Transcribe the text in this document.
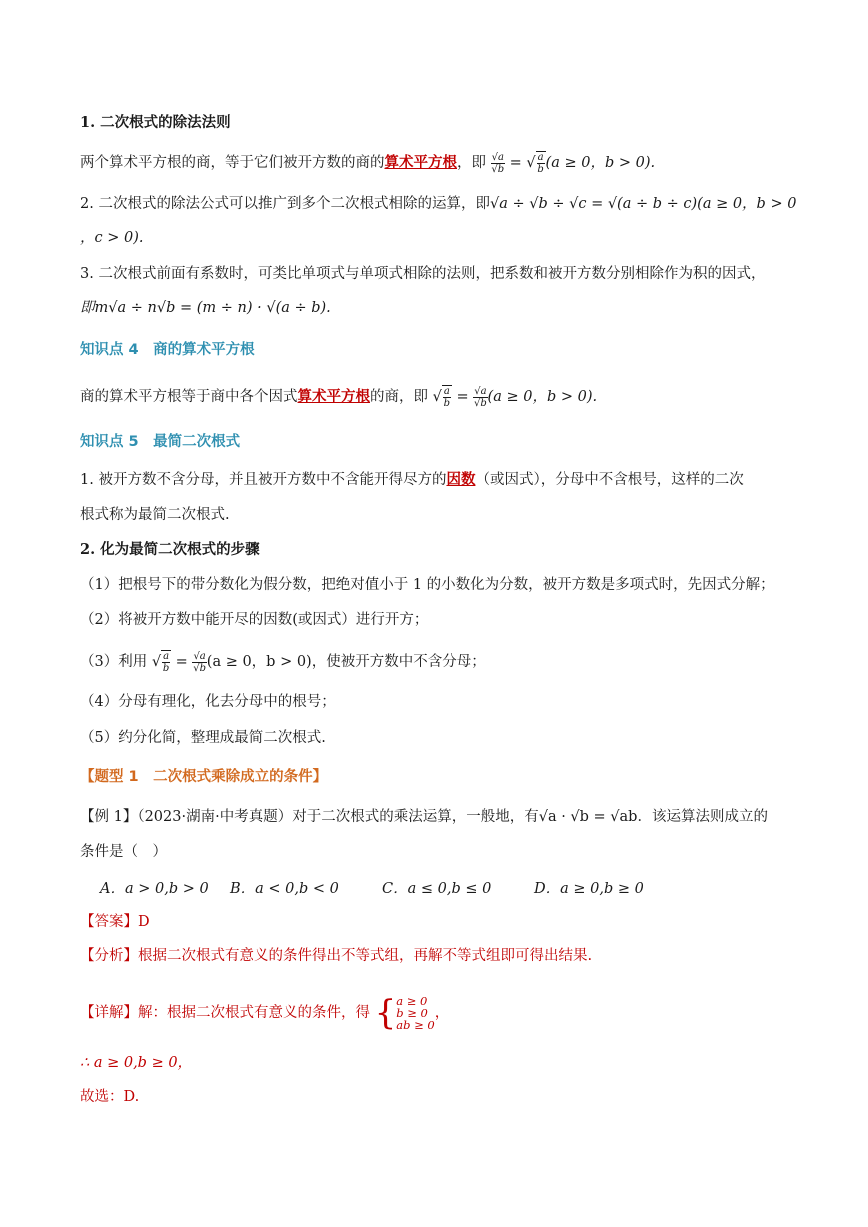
1. 二次根式的除法法则
两个算术平方根的商，等于它们被开方数的商的算术平方根，即 $\frac{√a}{√b}$ = √ $\frac{a}{b} (a \ge 0$，b > 0).
2. 二次根式的除法公式可以推广到多个二次根式相除的运算，即√a ÷ √b ÷ √c = √(a ÷ b ÷ c)(a ≥ 0，b > 0
，c > 0).
3. 二次根式前面有系数时，可类比单项式与单项式相除的法则，把系数和被开方数分别相除作为积的因式，
即m√a ÷ n√b = (m ÷ n) · √(a ÷ b).
知识点 4　商的算术平方根
商的算术平方根等于商中各个因式算术平方根的商，即 √ $\frac{a}{b} = \frac{√a}{√b} (a \ge 0$，b > 0).
知识点 5　最简二次根式
1. 被开方数不含分母，并且被开方数中不含能开得尽方的因数（或因式），分母中不含根号，这样的二次
根式称为最简二次根式.
2. 化为最简二次根式的步骤
（1）把根号下的带分数化为假分数，把绝对值小于 1 的小数化为分数，被开方数是多项式时，先因式分解；
（2）将被开方数中能开尽的因数(或因式）进行开方；
（3）利用 √ $\frac{a}{b} = \frac{√a}{√b} (a \ge 0$，b > 0)，使被开方数中不含分母；
（4）分母有理化，化去分母中的根号；
（5）约分化简，整理成最简二次根式.
【题型 1　二次根式乘除成立的条件】
【例 1】（2023·湖南·中考真题）对于二次根式的乘法运算，一般地，有√a · √b = √ab．该运算法则成立的
条件是（　）
A．a > 0,b > 0 B．a < 0,b < 0	C．a ≤ 0,b ≤ 0	D．a ≥ 0,b ≥ 0
【答案】D
【分析】根据二次根式有意义的条件得出不等式组，再解不等式组即可得出结果.
【详解】解：根据二次根式有意义的条件，得 { a ≥ 0
b ≥ 0
ab ≥ 0
，
∴ a ≥ 0,b ≥ 0，
故选：D.
